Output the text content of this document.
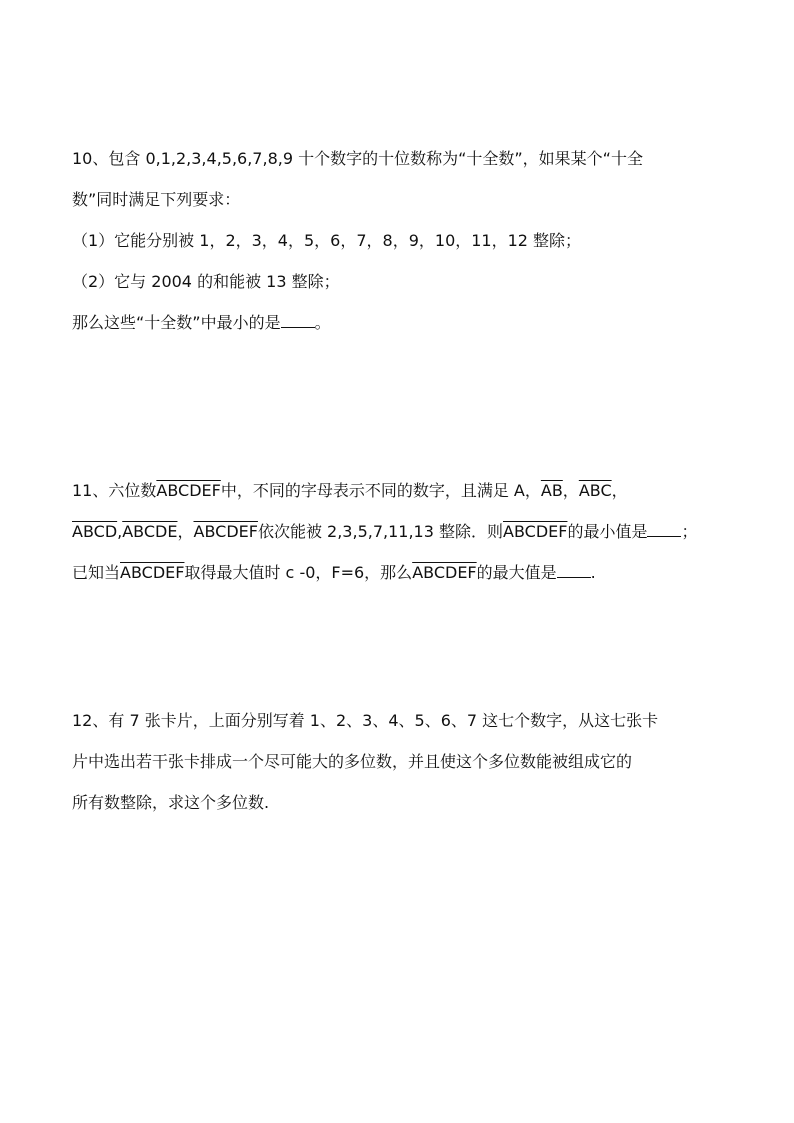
10、包含 0,1,2,3,4,5,6,7,8,9 十个数字的十位数称为“十全数”，如果某个“十全
数”同时满足下列要求：
（1）它能分别被 1，2，3，4，5，6，7，8，9，10，11，12 整除；
（2）它与 2004 的和能被 13 整除；
那么这些“十全数”中最小的是 。
11、六位数ABCDEF中，不同的字母表示不同的数字，且满足 A，$\overline{AB}$，$\overline{ABC}$，
ABCD,ABCDE，ABCDEF依次能被 2,3,5,7,11,13 整除．则ABCDEF的最小值是 ；
已知当ABCDEF取得最大值时 c -0，F=6，那么ABCDEF的最大值是 .
12、有 7 张卡片，上面分别写着 1、2、3、4、5、6、7 这七个数字，从这七张卡
片中选出若干张卡排成一个尽可能大的多位数，并且使这个多位数能被组成它的
所有数整除，求这个多位数.
